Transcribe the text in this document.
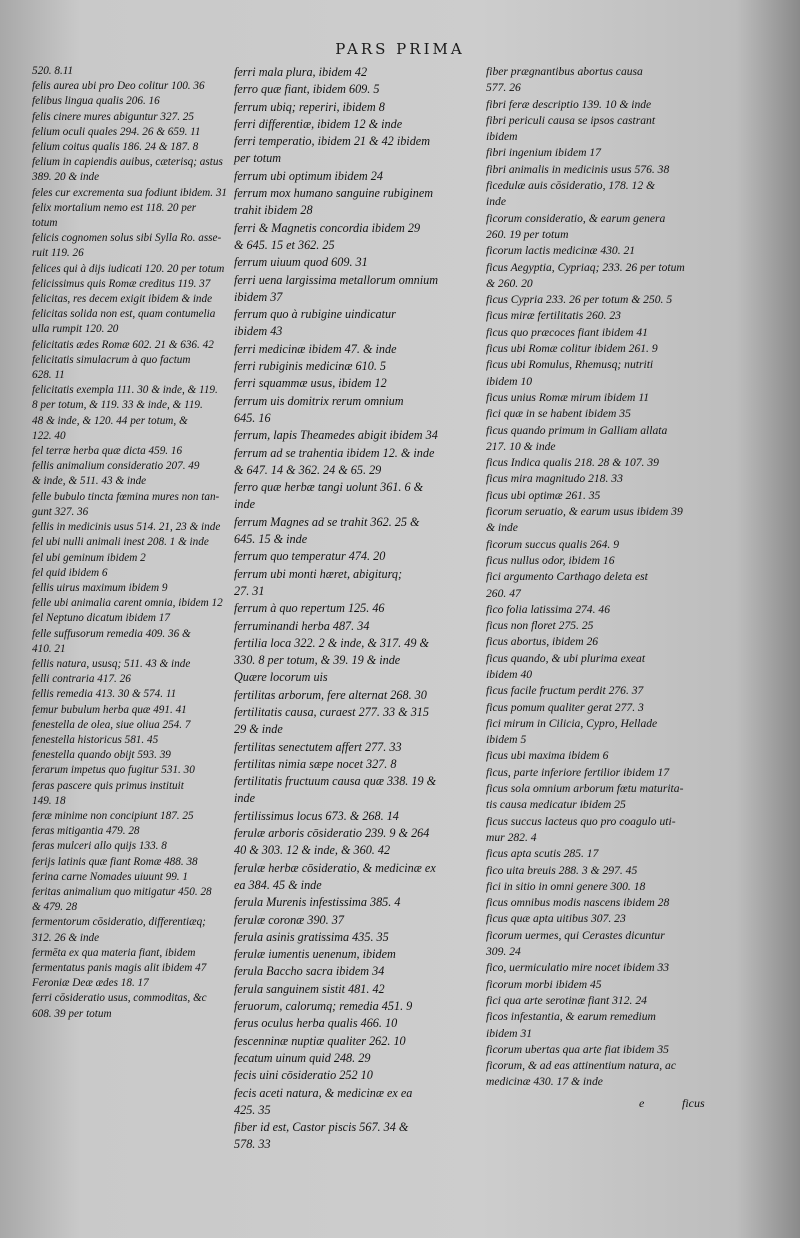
PARS PRIMA
520. 8.11
felis aurea ubi pro Deo colitur 100. 36
felibus lingua qualis 206. 16
felis cinere mures abiguntur 327. 25
felium oculi quales 294. 26 & 659. 11
felium coitus qualis 186. 24 & 187. 8
felium in capiendis auibus, cæterisq; astus
389. 20 & inde
feles cur excrementa sua fodiunt ibidem. 31
felix mortalium nemo est 118. 20 per
totum
felicis cognomen solus sibi Sylla Ro. asse-
ruit 119. 26
felices qui à dijs iudicati 120. 20 per totum
felicissimus quis Romæ creditus 119. 37
felicitas, res decem exigit ibidem & inde
felicitas solida non est, quam contumelia
ulla rumpit 120. 20
felicitatis ædes Romæ 602. 21 & 636. 42
felicitatis simulacrum à quo factum
628. 11
felicitatis exempla 111. 30 & inde, & 119.
8 per totum, & 119. 33 & inde, & 119.
48 & inde, & 120. 44 per totum, &
122. 40
fel terræ herba quæ dicta 459. 16
fellis animalium consideratio 207. 49
& inde, & 511. 43 & inde
felle bubulo tincta fœmina mures non tan-
gunt 327. 36
fellis in medicinis usus 514. 21, 23 & inde
fel ubi nulli animali inest 208. 1 & inde
fel ubi geminum ibidem 2
fel quid ibidem 6
fellis uirus maximum ibidem 9
felle ubi animalia carent omnia, ibidem 12
fel Neptuno dicatum ibidem 17
felle suffusorum remedia 409. 36 &
410. 21
fellis natura, ususq; 511. 43 & inde
felli contraria 417. 26
fellis remedia 413. 30 & 574. 11
femur bubulum herba quæ 491. 41
fenestella de olea, siue oliua 254. 7
fenestella historicus 581. 45
fenestella quando obijt 593. 39
ferarum impetus quo fugitur 531. 30
feras pascere quis primus instituit
149. 18
feræ minime non concipiunt 187. 25
feras mitigantia 479. 28
feras mulceri allo quijs 133. 8
ferijs latinis quæ fiant Romæ 488. 38
ferina carne Nomades uiuunt 99. 1
feritas animalium quo mitigatur 450. 28
& 479. 28
fermentorum cōsideratio, differentiæq;
312. 26 & inde
fermēta ex qua materia fiant, ibidem
fermentatus panis magis alit ibidem 47
Feroniæ Deæ ædes 18. 17
ferri cōsideratio usus, commoditas, &c
608. 39 per totum
ferri mala plura, ibidem 42
ferro quæ fiant, ibidem 609. 5
ferrum ubiq; reperiri, ibidem 8
ferri differentiæ, ibidem 12 & inde
ferri temperatio, ibidem 21 & 42 ibidem
per totum
ferrum ubi optimum ibidem 24
ferrum mox humano sanguine rubiginem
trahit ibidem 28
ferri & Magnetis concordia ibidem 29
& 645. 15 et 362. 25
ferrum uiuum quod 609. 31
ferri uena largissima metallorum omnium
ibidem 37
ferrum quo à rubigine uindicatur
ibidem 43
ferri medicinæ ibidem 47. & inde
ferri rubiginis medicinæ 610. 5
ferri squammæ usus, ibidem 12
ferrum uis domitrix rerum omnium
645. 16
ferrum, lapis Theamedes abigit ibidem 34
ferrum ad se trahentia ibidem 12. & inde
& 647. 14 & 362. 24 & 65. 29
ferro quæ herbæ tangi uolunt 361. 6 &
inde
ferrum Magnes ad se trahit 362. 25 &
645. 15 & inde
ferrum quo temperatur 474. 20
ferrum ubi monti hæret, abigiturq;
27. 31
ferrum à quo repertum 125. 46
ferruminandi herba 487. 34
fertilia loca 322. 2 & inde, & 317. 49 &
330. 8 per totum, & 39. 19 & inde
Quære locorum uis
fertilitas arborum, fere alternat 268. 30
fertilitatis causa, curaest 277. 33 & 315
29 & inde
fertilitas senectutem affert 277. 33
fertilitas nimia sæpe nocet 327. 8
fertilitatis fructuum causa quæ 338. 19 &
inde
fertilissimus locus 673. & 268. 14
ferulæ arboris cōsideratio 239. 9 & 264
40 & 303. 12 & inde, & 360. 42
ferulæ herbæ cōsideratio, & medicinæ ex
ea 384. 45 & inde
ferula Murenis infestissima 385. 4
ferulæ coronæ 390. 37
ferula asinis gratissima 435. 35
ferulæ iumentis uenenum, ibidem
ferula Baccho sacra ibidem 34
ferula sanguinem sistit 481. 42
feruorum, calorumq; remedia 451. 9
ferus oculus herba qualis 466. 10
fescenninæ nuptiæ qualiter 262. 10
fecatum uinum quid 248. 29
fecis uini cōsideratio 252 10
fecis aceti natura, & medicinæ ex ea
425. 35
fiber id est, Castor piscis 567. 34 &
578. 33
fiber prægnantibus abortus causa
577. 26
fibri feræ descriptio 139. 10 & inde
fibri periculi causa se ipsos castrant
ibidem
fibri ingenium ibidem 17
fibri animalis in medicinis usus 576. 38
ficedulæ auis cōsideratio, 178. 12 &
inde
ficorum consideratio, & earum genera
260. 19 per totum
ficorum lactis medicinæ 430. 21
ficus Aegyptia, Cypriaq; 233. 26 per totum
& 260. 20
ficus Cypria 233. 26 per totum & 250. 5
ficus miræ fertilitatis 260. 23
ficus quo præcoces fiant ibidem 41
ficus ubi Romæ colitur ibidem 261. 9
ficus ubi Romulus, Rhemusq; nutriti
ibidem 10
ficus unius Romæ mirum ibidem 11
fici quæ in se habent ibidem 35
ficus quando primum in Galliam allata
217. 10 & inde
ficus Indica qualis 218. 28 & 107. 39
ficus mira magnitudo 218. 33
ficus ubi optimæ 261. 35
ficorum seruatio, & earum usus ibidem 39
& inde
ficorum succus qualis 264. 9
ficus nullus odor, ibidem 16
fici argumento Carthago deleta est
260. 47
fico folia latissima 274. 46
ficus non floret 275. 25
ficus abortus, ibidem 26
ficus quando, & ubi plurima exeat
ibidem 40
ficus facile fructum perdit 276. 37
ficus pomum qualiter gerat 277. 3
fici mirum in Cilicia, Cypro, Hellade
ibidem 5
ficus ubi maxima ibidem 6
ficus, parte inferiore fertilior ibidem 17
ficus sola omnium arborum fœtu maturita-
tis causa medicatur ibidem 25
ficus succus lacteus quo pro coagulo uti-
mur 282. 4
ficus apta scutis 285. 17
fico uita breuis 288. 3 & 297. 45
fici in sitio in omni genere 300. 18
ficus omnibus modis nascens ibidem 28
ficus quæ apta uitibus 307. 23
ficorum uermes, qui Cerastes dicuntur
309. 24
fico, uermiculatio mire nocet ibidem 33
ficorum morbi ibidem 45
fici qua arte serotinæ fiant 312. 24
ficos infestantia, & earum remedium
ibidem 31
ficorum ubertas qua arte fiat ibidem 35
ficorum, & ad eas attinentium natura, ac
medicinæ 430. 17 & inde
e	ficus
